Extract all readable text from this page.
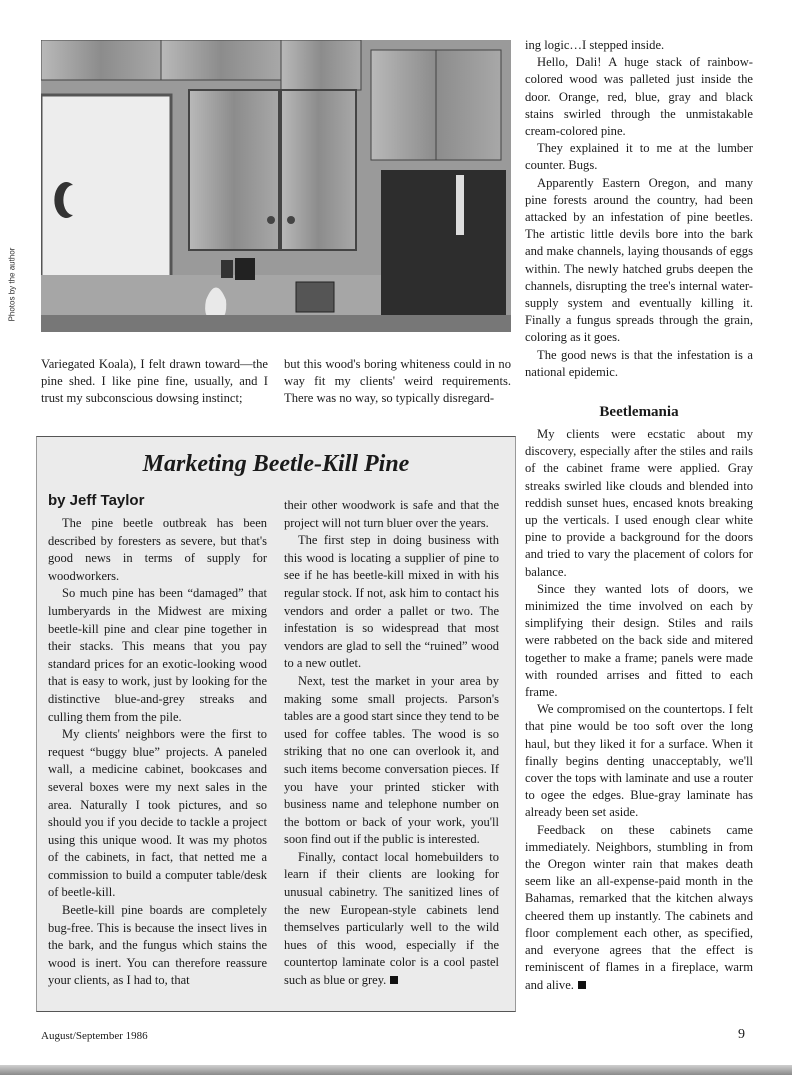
Photos by the author

Variegated Koala), I felt drawn toward—the pine shed. I like pine fine, usually, and I trust my subconscious dowsing instinct;

but this wood's boring whiteness could in no way fit my clients' weird requirements. There was no way, so typically disregard-

Marketing Beetle-Kill Pine
by Jeff Taylor

The pine beetle outbreak has been described by foresters as severe, but that's good news in terms of supply for woodworkers.

So much pine has been “damaged” that lumberyards in the Midwest are mixing beetle-kill pine and clear pine together in their stacks. This means that you pay standard prices for an exotic-looking wood that is easy to work, just by looking for the distinctive blue-and-grey streaks and culling them from the pile.

My clients' neighbors were the first to request “buggy blue” projects. A paneled wall, a medicine cabinet, bookcases and several boxes were my next sales in the area. Naturally I took pictures, and so should you if you decide to tackle a project using this unique wood. It was my photos of the cabinets, in fact, that netted me a commission to build a computer table/desk of beetle-kill.

Beetle-kill pine boards are completely bug-free. This is because the insect lives in the bark, and the fungus which stains the wood is inert. You can therefore reassure your clients, as I had to, that

their other woodwork is safe and that the project will not turn bluer over the years.

The first step in doing business with this wood is locating a supplier of pine to see if he has beetle-kill mixed in with his regular stock. If not, ask him to contact his vendors and order a pallet or two. The infestation is so widespread that most vendors are glad to sell the “ruined” wood to a new outlet.

Next, test the market in your area by making some small projects. Parson's tables are a good start since they tend to be used for coffee tables. The wood is so striking that no one can overlook it, and such items become conversation pieces. If you have your printed sticker with business name and telephone number on the bottom or back of your work, you'll soon find out if the public is interested.

Finally, contact local homebuilders to learn if their clients are looking for unusual cabinetry. The sanitized lines of the new European-style cabinets lend themselves particularly well to the wild hues of this wood, especially if the countertop laminate color is a cool pastel such as blue or grey.

ing logic…I stepped inside.

Hello, Dali! A huge stack of rainbow-colored wood was palleted just inside the door. Orange, red, blue, gray and black stains swirled through the unmistakable cream-colored pine.

They explained it to me at the lumber counter. Bugs.

Apparently Eastern Oregon, and many pine forests around the country, had been attacked by an infestation of pine beetles. The artistic little devils bore into the bark and make channels, laying thousands of eggs within. The newly hatched grubs deepen the channels, disrupting the tree's internal water-supply system and eventually killing it. Finally a fungus spreads through the grain, coloring as it goes.

The good news is that the infestation is a national epidemic.

Beetlemania

My clients were ecstatic about my discovery, especially after the stiles and rails of the cabinet frame were applied. Gray streaks swirled like clouds and blended into reddish sunset hues, encased knots breaking up the verticals. I used enough clear white pine to provide a background for the doors and tried to vary the placement of colors for balance.

Since they wanted lots of doors, we minimized the time involved on each by simplifying their design. Stiles and rails were rabbeted on the back side and mitered together to make a frame; panels were made with rounded arrises and fitted to each frame.

We compromised on the countertops. I felt that pine would be too soft over the long haul, but they liked it for a surface. When it finally begins denting unacceptably, we'll cover the tops with laminate and use a router to ogee the edges. Blue-gray laminate has already been set aside.

Feedback on these cabinets came immediately. Neighbors, stumbling in from the Oregon winter rain that makes death seem like an all-expense-paid month in the Bahamas, remarked that the kitchen always cheered them up instantly. The cabinets and floor complement each other, as specified, and everyone agrees that the effect is reminiscent of flames in a fireplace, warm and alive.

August/September 1986	9
